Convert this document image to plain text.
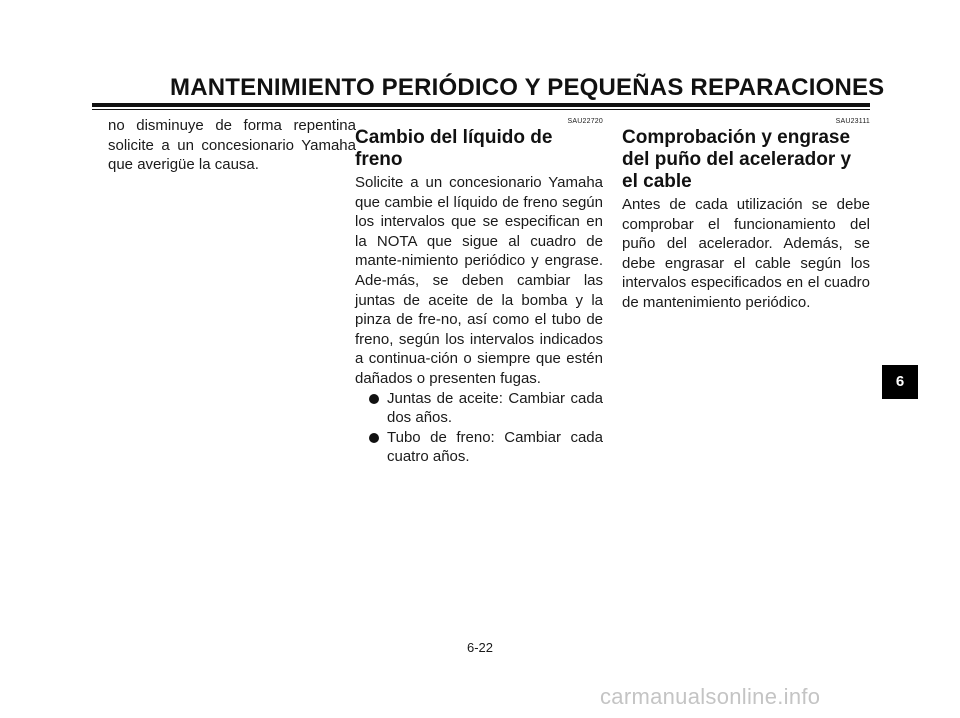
MANTENIMIENTO PERIÓDICO Y PEQUEÑAS REPARACIONES

no disminuye de forma repentina solicite a un concesionario Yamaha que averigüe la causa.

SAU22720
Cambio del líquido de freno

Solicite a un concesionario Yamaha que cambie el líquido de freno según los intervalos que se especifican en la NOTA que sigue al cuadro de mante-nimiento periódico y engrase. Ade-más, se deben cambiar las juntas de aceite de la bomba y la pinza de fre-no, así como el tubo de freno, según los intervalos indicados a continua-ción o siempre que estén dañados o presenten fugas.

Juntas de aceite: Cambiar cada dos años.
Tubo de freno: Cambiar cada cuatro años.
SAU23111
Comprobación y engrase del puño del acelerador y el cable

Antes de cada utilización se debe comprobar el funcionamiento del puño del acelerador. Además, se debe engrasar el cable según los intervalos especificados en el cuadro de mantenimiento periódico.

6-22
6
carmanualsonline.info
